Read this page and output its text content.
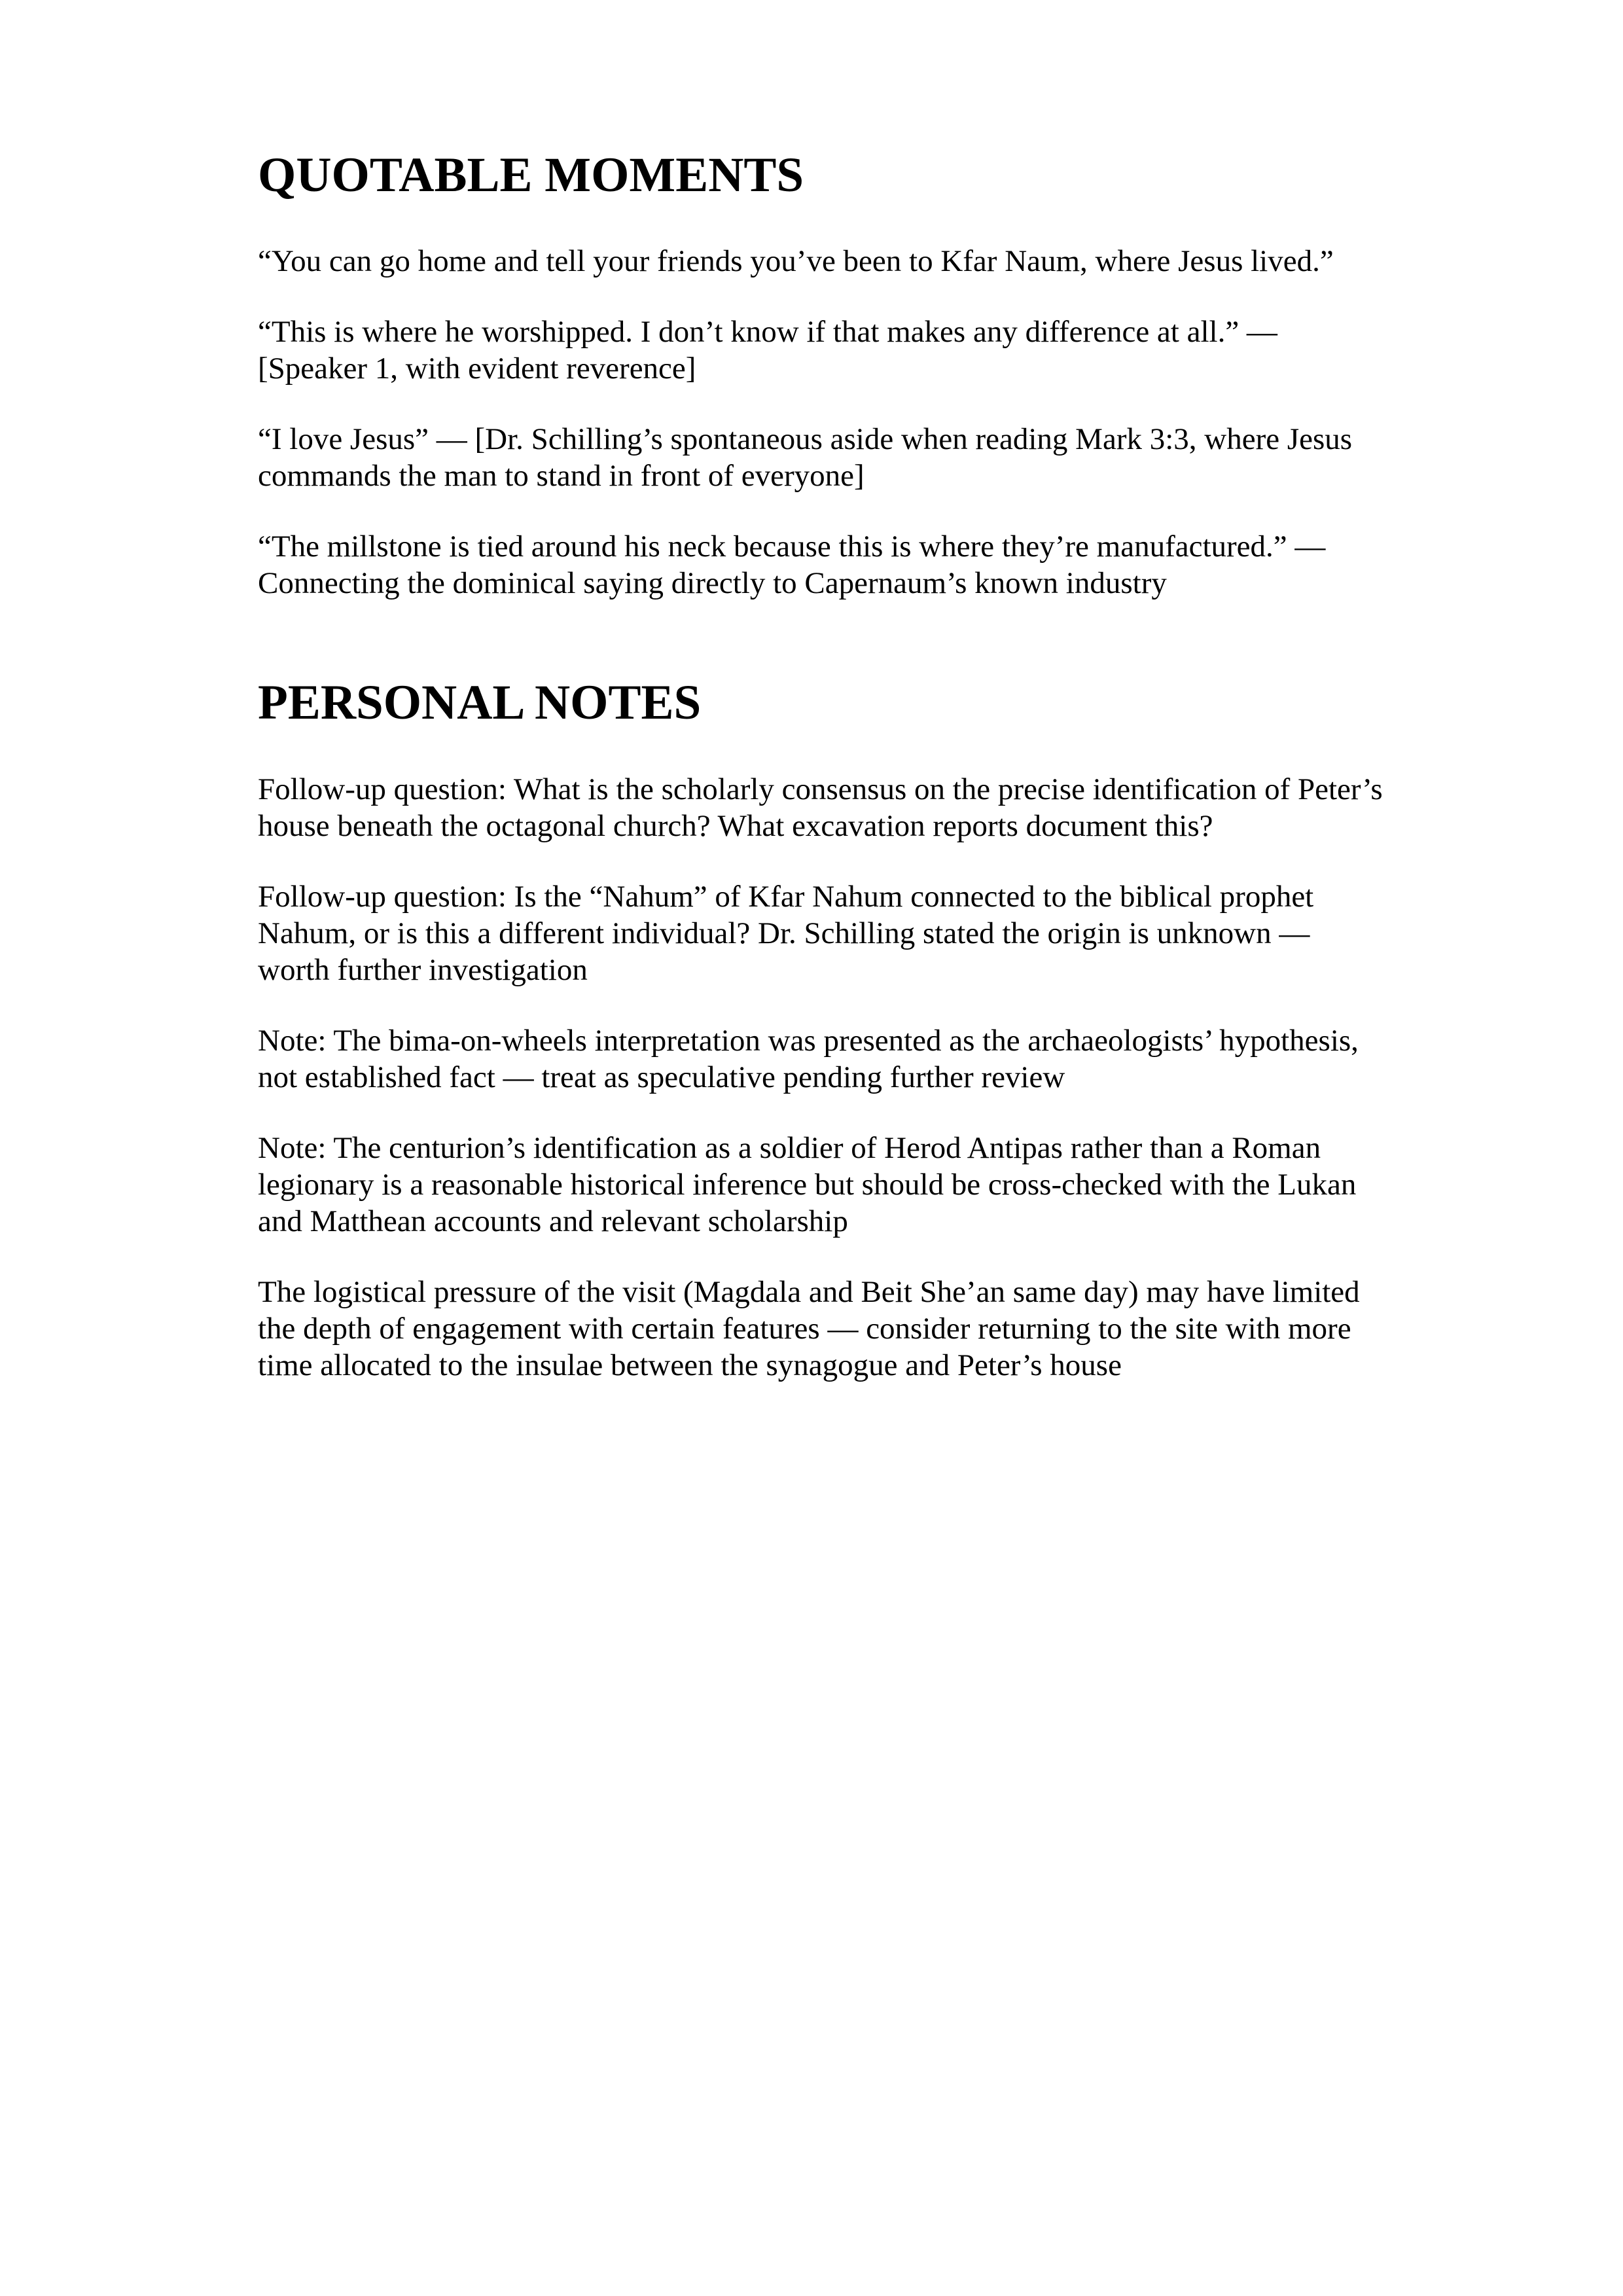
QUOTABLE MOMENTS

“You can go home and tell your friends you’ve been to Kfar Naum, where Jesus lived.”

“This is where he worshipped. I don’t know if that makes any difference at all.” — [Speaker 1, with evident reverence]

“I love Jesus” — [Dr. Schilling’s spontaneous aside when reading Mark 3:3, where Jesus commands the man to stand in front of everyone]

“The millstone is tied around his neck because this is where they’re manufactured.” — Connecting the dominical saying directly to Capernaum’s known industry

PERSONAL NOTES

Follow-up question: What is the scholarly consensus on the precise identification of Peter’s house beneath the octagonal church? What excavation reports document this?

Follow-up question: Is the “Nahum” of Kfar Nahum connected to the biblical prophet Nahum, or is this a different individual? Dr. Schilling stated the origin is unknown — worth further investigation

Note: The bima-on-wheels interpretation was presented as the archaeologists’ hypothesis, not established fact — treat as speculative pending further review

Note: The centurion’s identification as a soldier of Herod Antipas rather than a Roman legionary is a reasonable historical inference but should be cross-checked with the Lukan and Matthean accounts and relevant scholarship

The logistical pressure of the visit (Magdala and Beit She’an same day) may have limited the depth of engagement with certain features — consider returning to the site with more time allocated to the insulae between the synagogue and Peter’s house
